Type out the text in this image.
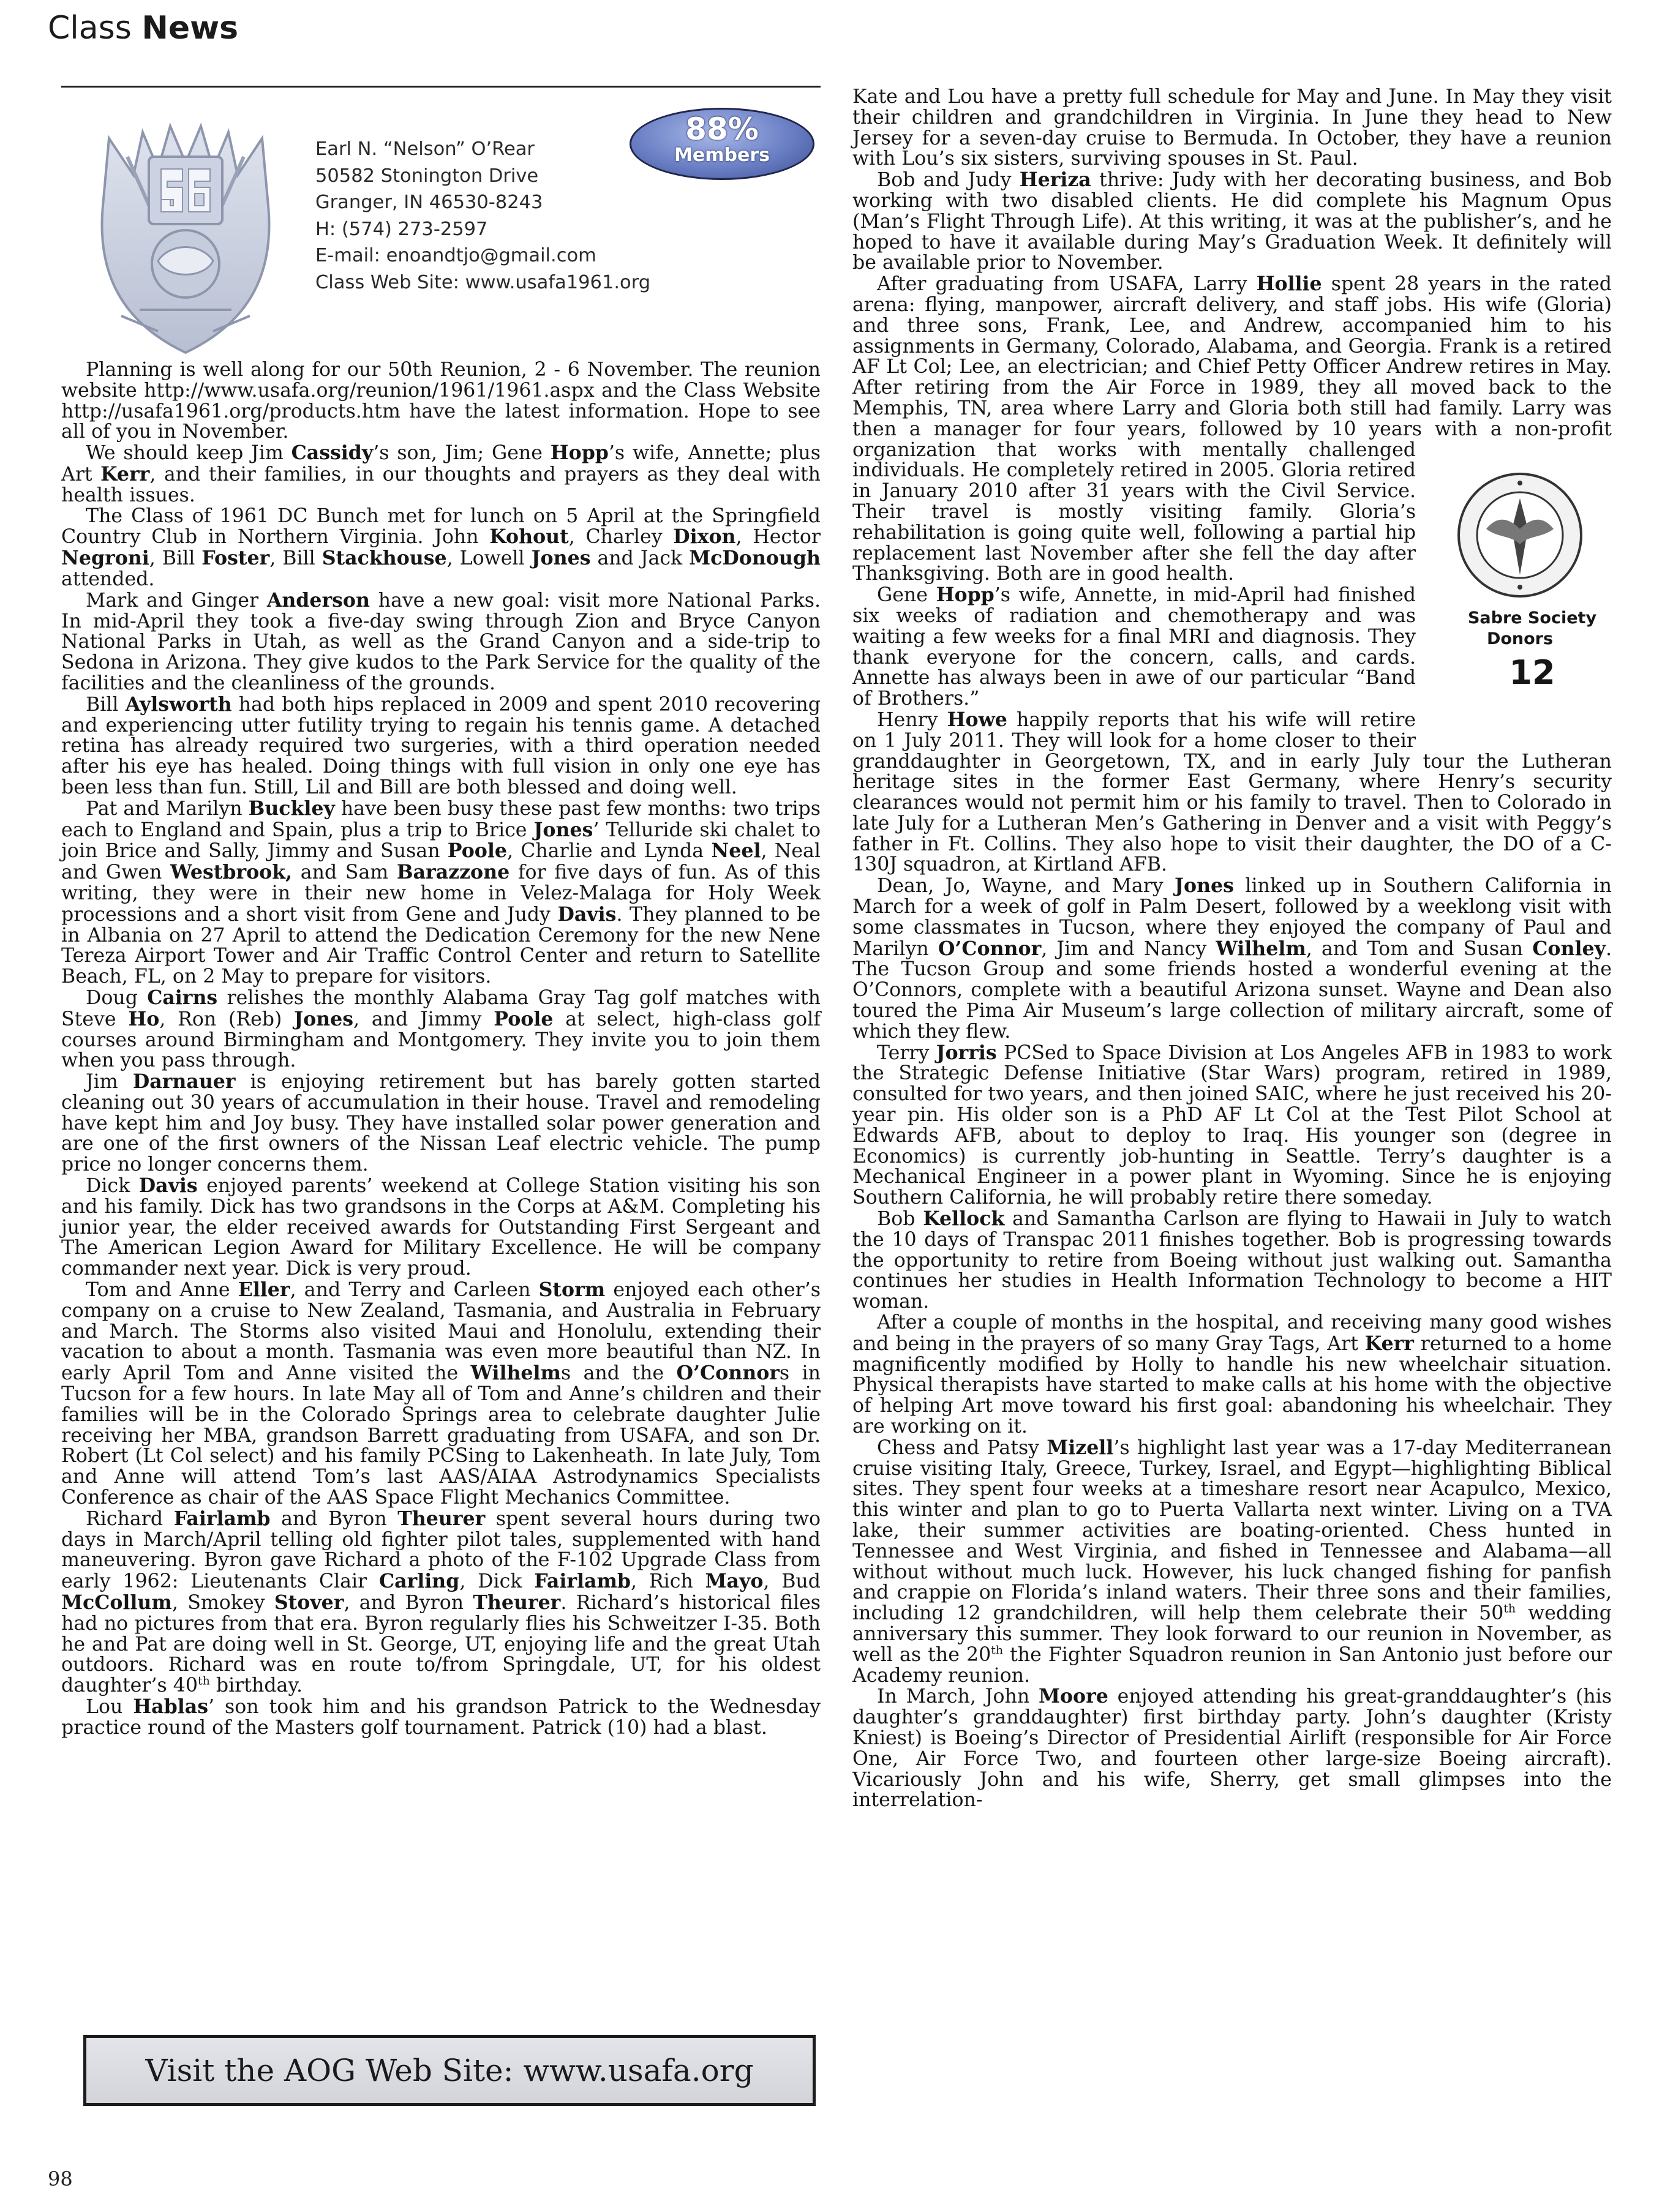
Class News
Earl N. “Nelson” O’Rear
50582 Stonington Drive
Granger, IN 46530-8243
H: (574) 273-2597
E-mail: enoandtjo@gmail.com
Class Web Site: www.usafa1961.org
88%
Members

Planning is well along for our 50th Reunion, 2 - 6 November. The reunion website http://www.usafa.org/reunion/1961/1961.aspx and the Class Website http://usafa1961.org/products.htm have the latest information. Hope to see all of you in November.

We should keep Jim Cassidy’s son, Jim; Gene Hopp’s wife, Annette; plus Art Kerr, and their families, in our thoughts and prayers as they deal with health issues.

The Class of 1961 DC Bunch met for lunch on 5 April at the Springfield Country Club in Northern Virginia. John Kohout, Charley Dixon, Hector Negroni, Bill Foster, Bill Stackhouse, Lowell Jones and Jack McDonough attended.

Mark and Ginger Anderson have a new goal: visit more National Parks. In mid-April they took a five-day swing through Zion and Bryce Canyon National Parks in Utah, as well as the Grand Canyon and a side-trip to Sedona in Arizona. They give kudos to the Park Service for the quality of the facilities and the cleanliness of the grounds.

Bill Aylsworth had both hips replaced in 2009 and spent 2010 recovering and experiencing utter futility trying to regain his tennis game. A detached retina has already required two surgeries, with a third operation needed after his eye has healed. Doing things with full vision in only one eye has been less than fun. Still, Lil and Bill are both blessed and doing well.

Pat and Marilyn Buckley have been busy these past few months: two trips each to England and Spain, plus a trip to Brice Jones’ Telluride ski chalet to join Brice and Sally, Jimmy and Susan Poole, Charlie and Lynda Neel, Neal and Gwen Westbrook, and Sam Barazzone for five days of fun. As of this writing, they were in their new home in Velez-Malaga for Holy Week processions and a short visit from Gene and Judy Davis. They planned to be in Albania on 27 April to attend the Dedication Ceremony for the new Nene Tereza Airport Tower and Air Traffic Control Center and return to Satellite Beach, FL, on 2 May to prepare for visitors.

Doug Cairns relishes the monthly Alabama Gray Tag golf matches with Steve Ho, Ron (Reb) Jones, and Jimmy Poole at select, high-class golf courses around Birmingham and Montgomery. They invite you to join them when you pass through.

Jim Darnauer is enjoying retirement but has barely gotten started cleaning out 30 years of accumulation in their house. Travel and remodeling have kept him and Joy busy. They have installed solar power generation and are one of the first owners of the Nissan Leaf electric vehicle. The pump price no longer concerns them.

Dick Davis enjoyed parents’ weekend at College Station visiting his son and his family. Dick has two grandsons in the Corps at A&M. Completing his junior year, the elder received awards for Outstanding First Sergeant and The American Legion Award for Military Excellence. He will be company commander next year. Dick is very proud.

Tom and Anne Eller, and Terry and Carleen Storm enjoyed each other’s company on a cruise to New Zealand, Tasmania, and Australia in February and March. The Storms also visited Maui and Honolulu, extending their vacation to about a month. Tasmania was even more beautiful than NZ. In early April Tom and Anne visited the Wilhelms and the O’Connors in Tucson for a few hours. In late May all of Tom and Anne’s children and their families will be in the Colorado Springs area to celebrate daughter Julie receiving her MBA, grandson Barrett graduating from USAFA, and son Dr. Robert (Lt Col select) and his family PCSing to Lakenheath. In late July, Tom and Anne will attend Tom’s last AAS/AIAA Astrodynamics Specialists Conference as chair of the AAS Space Flight Mechanics Committee.

Richard Fairlamb and Byron Theurer spent several hours during two days in March/April telling old fighter pilot tales, supplemented with hand maneuvering. Byron gave Richard a photo of the F-102 Upgrade Class from early 1962: Lieutenants Clair Carling, Dick Fairlamb, Rich Mayo, Bud McCollum, Smokey Stover, and Byron Theurer. Richard’s historical files had no pictures from that era. Byron regularly flies his Schweitzer I-35. Both he and Pat are doing well in St. George, UT, enjoying life and the great Utah outdoors. Richard was en route to/from Springdale, UT, for his oldest daughter’s 40th birthday.

Lou Hablas’ son took him and his grandson Patrick to the Wednesday practice round of the Masters golf tournament. Patrick (10) had a blast.

Kate and Lou have a pretty full schedule for May and June. In May they visit their children and grandchildren in Virginia. In June they head to New Jersey for a seven-day cruise to Bermuda. In October, they have a reunion with Lou’s six sisters, surviving spouses in St. Paul.

Bob and Judy Heriza thrive: Judy with her decorating business, and Bob working with two disabled clients. He did complete his Magnum Opus (Man’s Flight Through Life). At this writing, it was at the publisher’s, and he hoped to have it available during May’s Graduation Week. It definitely will be available prior to November.

Sabre Society Donors
12
After graduating from USAFA, Larry Hollie spent 28 years in the rated arena: flying, manpower, aircraft delivery, and staff jobs. His wife (Gloria) and three sons, Frank, Lee, and Andrew, accompanied him to his assignments in Germany, Colorado, Alabama, and Georgia. Frank is a retired AF Lt Col; Lee, an electrician; and Chief Petty Officer Andrew retires in May. After retiring from the Air Force in 1989, they all moved back to the Memphis, TN, area where Larry and Gloria both still had family. Larry was then a manager for four years, followed by 10 years with a non-profit organization that works with mentally challenged individuals. He completely retired in 2005. Gloria retired in January 2010 after 31 years with the Civil Service. Their travel is mostly visiting family. Gloria’s rehabilitation is going quite well, following a partial hip replacement last November after she fell the day after Thanksgiving. Both are in good health.

Gene Hopp’s wife, Annette, in mid-April had finished six weeks of radiation and chemotherapy and was waiting a few weeks for a final MRI and diagnosis. They thank everyone for the concern, calls, and cards. Annette has always been in awe of our particular “Band of Brothers.”

Henry Howe happily reports that his wife will retire on 1 July 2011. They will look for a home closer to their granddaughter in Georgetown, TX, and in early July tour the Lutheran heritage sites in the former East Germany, where Henry’s security clearances would not permit him or his family to travel. Then to Colorado in late July for a Lutheran Men’s Gathering in Denver and a visit with Peggy’s father in Ft. Collins. They also hope to visit their daughter, the DO of a C-130J squadron, at Kirtland AFB.

Dean, Jo, Wayne, and Mary Jones linked up in Southern California in March for a week of golf in Palm Desert, followed by a weeklong visit with some classmates in Tucson, where they enjoyed the company of Paul and Marilyn O’Connor, Jim and Nancy Wilhelm, and Tom and Susan Conley. The Tucson Group and some friends hosted a wonderful evening at the O’Connors, complete with a beautiful Arizona sunset. Wayne and Dean also toured the Pima Air Museum’s large collection of military aircraft, some of which they flew.

Terry Jorris PCSed to Space Division at Los Angeles AFB in 1983 to work the Strategic Defense Initiative (Star Wars) program, retired in 1989, consulted for two years, and then joined SAIC, where he just received his 20-year pin. His older son is a PhD AF Lt Col at the Test Pilot School at Edwards AFB, about to deploy to Iraq. His younger son (degree in Economics) is currently job-hunting in Seattle. Terry’s daughter is a Mechanical Engineer in a power plant in Wyoming. Since he is enjoying Southern California, he will probably retire there someday.

Bob Kellock and Samantha Carlson are flying to Hawaii in July to watch the 10 days of Transpac 2011 finishes together. Bob is progressing towards the opportunity to retire from Boeing without just walking out. Samantha continues her studies in Health Information Technology to become a HIT woman.

After a couple of months in the hospital, and receiving many good wishes and being in the prayers of so many Gray Tags, Art Kerr returned to a home magnificently modified by Holly to handle his new wheelchair situation. Physical therapists have started to make calls at his home with the objective of helping Art move toward his first goal: abandoning his wheelchair. They are working on it.

Chess and Patsy Mizell’s highlight last year was a 17-day Mediterranean cruise visiting Italy, Greece, Turkey, Israel, and Egypt—highlighting Biblical sites. They spent four weeks at a timeshare resort near Acapulco, Mexico, this winter and plan to go to Puerta Vallarta next winter. Living on a TVA lake, their summer activities are boating-oriented. Chess hunted in Tennessee and West Virginia, and fished in Tennessee and Alabama—all without without much luck. However, his luck changed fishing for panfish and crappie on Florida’s inland waters. Their three sons and their families, including 12 grandchildren, will help them celebrate their 50th wedding anniversary this summer. They look forward to our reunion in November, as well as the 20th the Fighter Squadron reunion in San Antonio just before our Academy reunion.

In March, John Moore enjoyed attending his great-granddaughter’s (his daughter’s granddaughter) first birthday party. John’s daughter (Kristy Kniest) is Boeing’s Director of Presidential Airlift (responsible for Air Force One, Air Force Two, and fourteen other large-size Boeing aircraft). Vicariously John and his wife, Sherry, get small glimpses into the interrelation-

Visit the AOG Web Site: www.usafa.org
98
